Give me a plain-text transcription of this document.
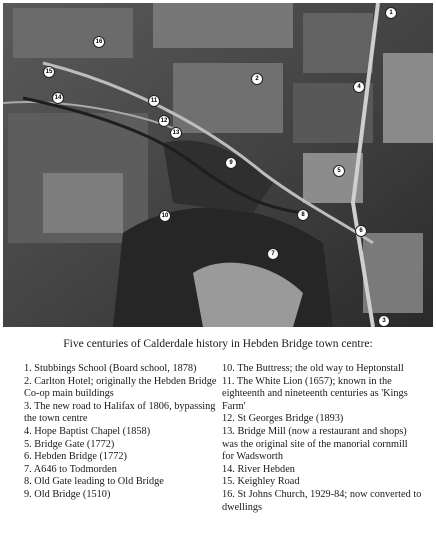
1
2
3
4
5
6
7
8
9
10
11
12
13
14
15
16
Five centuries of Calderdale history in Hebden Bridge town centre:

1. Stubbings School (Board school, 1878)

2. Carlton Hotel; originally the Hebden Bridge Co-op main buildings

3. The new road to Halifax of 1806, bypassing the town centre

4. Hope Baptist Chapel (1858)

5. Bridge Gate (1772)

6. Hebden Bridge (1772)

7. A646 to Todmorden

8. Old Gate leading to Old Bridge

9. Old Bridge (1510)

10. The Buttress; the old way to Heptonstall

11. The White Lion (1657); known in the eighteenth and nineteenth centuries as 'Kings Farm'

12. St Georges Bridge (1893)

13. Bridge Mill (now a restaurant and shops) was the original site of the manorial cornmill for Wadsworth

14. River Hebden

15. Keighley Road

16. St Johns Church, 1929-84; now converted to dwellings
